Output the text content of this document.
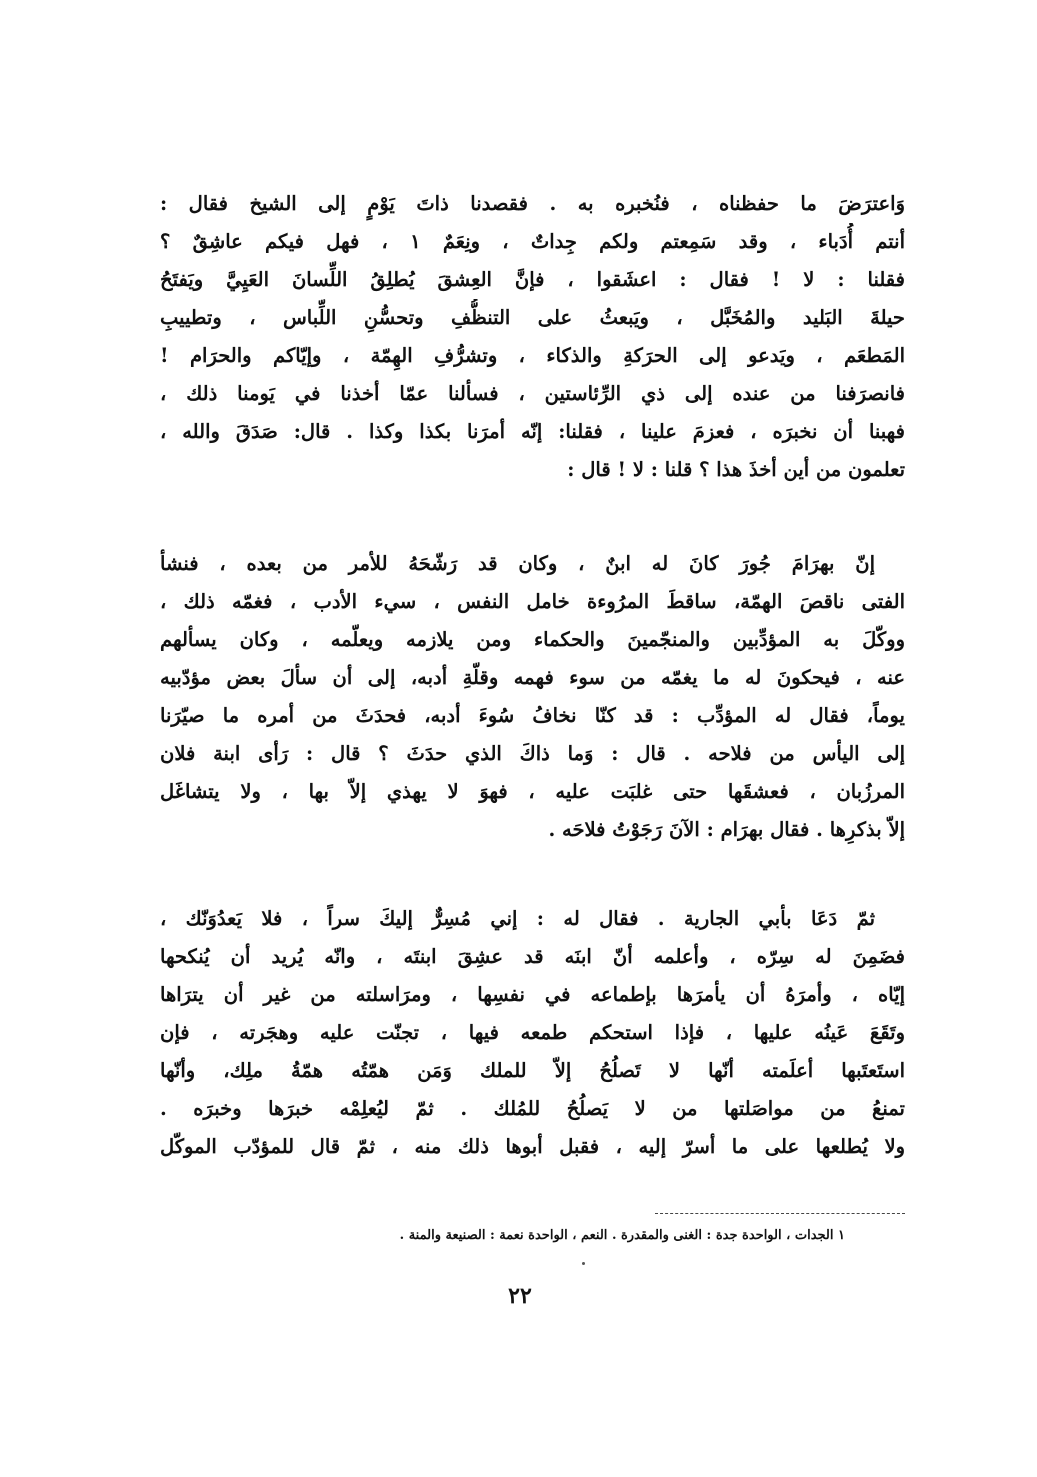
وَاعترَضَ ما حفظناه ، فنُخبره به . فقصدنا ذاتَ يَوْمٍ إلى الشيخ فقال :
أنتم أُدَباء ، وقد سَمِعتم ولكم جِداتٌ ، ونِعَمٌ ١ ، فهل فيكم عاشِقٌ ؟
فقلنا : لا ! فقال : اعشَقوا ، فإنَّ العِشقَ يُطلِقُ اللِّسانَ العَيِيَّ ويَفتَحُ
حيلةَ البَليد والمُخَبَّل ، ويَبعثُ على التنظُّفِ وتحسُّنِ اللِّباس ، وتطييبِ
المَطعَم ، ويَدعو إلى الحرَكةِ والذكاء ، وتشرُّفِ الهِمّة ، وإيّاكم والحرَام !
فانصرَفنا من عنده إلى ذي الرِّئاستين ، فسألنا عمّا أخذنا في يَومنا ذلك ،
فهبنا أن نخبرَه ، فعزمَ علينا ، فقلنا: إنّه أمرَنا بكذا وكذا . قال: صَدَقَ والله ،
تعلمون من أين أخذَ هذا ؟ قلنا : لا ! قال :
إنّ بهرَامَ جُورَ كانَ له ابنٌ ، وكان قد رَشّحَهُ للأمر من بعده ، فنشأ
الفتى ناقصَ الهمّة، ساقطَ المرُوءة خامل النفس ، سيء الأدب ، فغمّه ذلك ،
ووكّلَ به المؤدِّبين والمنجّمينَ والحكماء ومن يلازمه ويعلّمه ، وكان يسألهم
عنه ، فيحكونَ له ما يغمّه من سوء فهمه وقلّةِ أدبه، إلى أن سألَ بعض مؤدّبيه
يوماً، فقال له المؤدِّب : قد كنّا نخافُ سُوءَ أدبه، فحدَثَ من أمره ما صيّرَنا
إلى اليأس من فلاحه . قال : وَما ذاكَ الذي حدَثَ ؟ قال : رَأى ابنة فلان
المرزُبان ، فعشقَها حتى غلبَت عليه ، فهوَ لا يهذي إلاّ بها ، ولا يتشاغَل
إلاّ بذكرِها . فقال بهرَام : الآنَ رَجَوْتُ فلاحَه .
ثمّ دَعَا بأبي الجارية . فقال له : إني مُسِرٌّ إليكَ سراً ، فلا يَعدُوَنّك ،
فضَمِنَ له سِرّه ، وأعلمه أنّ ابنَه قد عشِقَ ابنتَه ، وانّه يُريد أن يُنكحها
إيّاه ، وأمرَهُ أن يأمرَها بإطماعه في نفسِها ، ومرَاسلته من غير أن يترَاها
وتَقَعَ عَينُه عليها ، فإذا استحكم طمعه فيها ، تجنّت عليه وهجَرته ، فإن
استَعتَبها أعلَمته أنّها لا تَصلُحُ إلاّ للملك وَمَن همّتُه همّةُ ملِك، وأنّها
تمنعُ من مواصَلتها من لا يَصلُحُ للمُلك . ثمّ ليُعلِمْه خبرَها وخبرَه .
ولا يُطلعها على ما أسرّ إليه ، فقبل أبوها ذلك منه ، ثمّ قال للمؤدّب الموكّل
١ الجدات ، الواحدة جدة : الغنى والمقدرة . النعم ، الواحدة نعمة : الصنيعة والمنة .
٢٢
